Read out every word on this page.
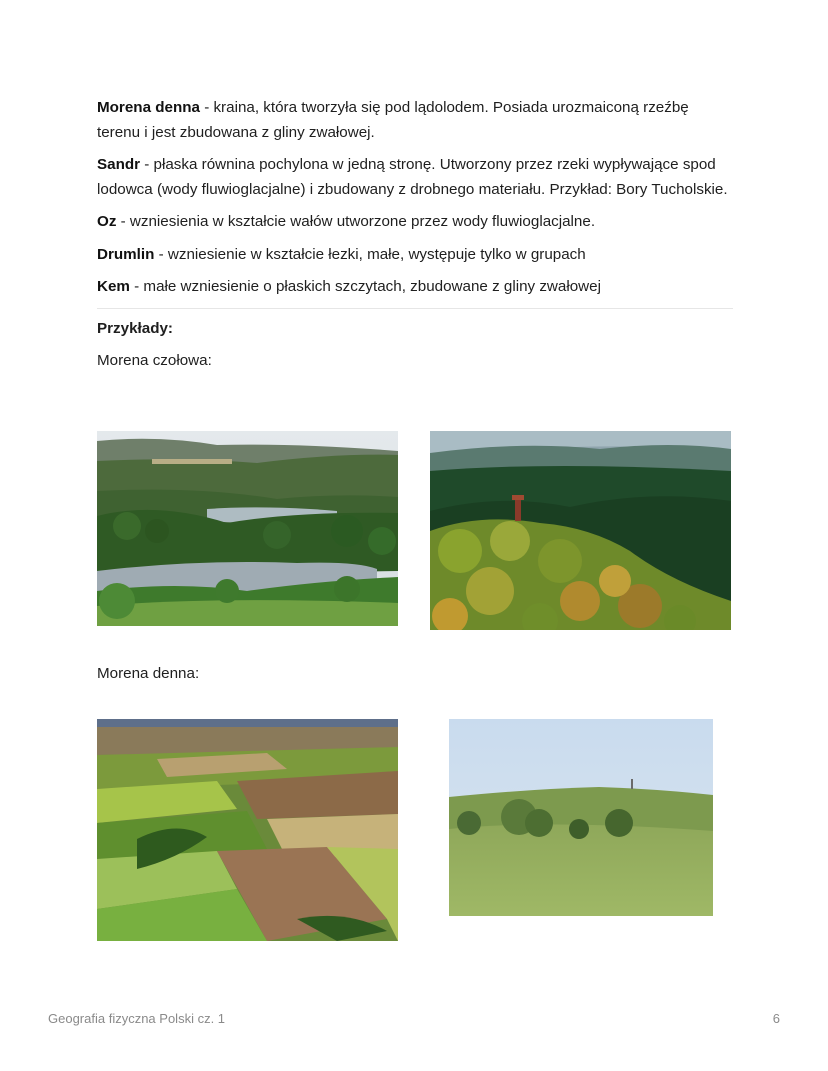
Morena denna - kraina, która tworzyła się pod lądolodem. Posiada urozmaiconą rzeźbę terenu i jest zbudowana z gliny zwałowej.

Sandr - płaska równina pochylona w jedną stronę. Utworzony przez rzeki wypływające spod lodowca (wody fluwioglacjalne) i zbudowany z drobnego materiału. Przykład: Bory Tucholskie.

Oz - wzniesienia w kształcie wałów utworzone przez wody fluwioglacjalne.

Drumlin - wzniesienie w kształcie łezki, małe, występuje tylko w grupach

Kem - małe wzniesienie o płaskich szczytach, zbudowane z gliny zwałowej

Przykłady:

Morena czołowa:

Morena denna:

Geografia fizyczna Polski cz. 1	6
